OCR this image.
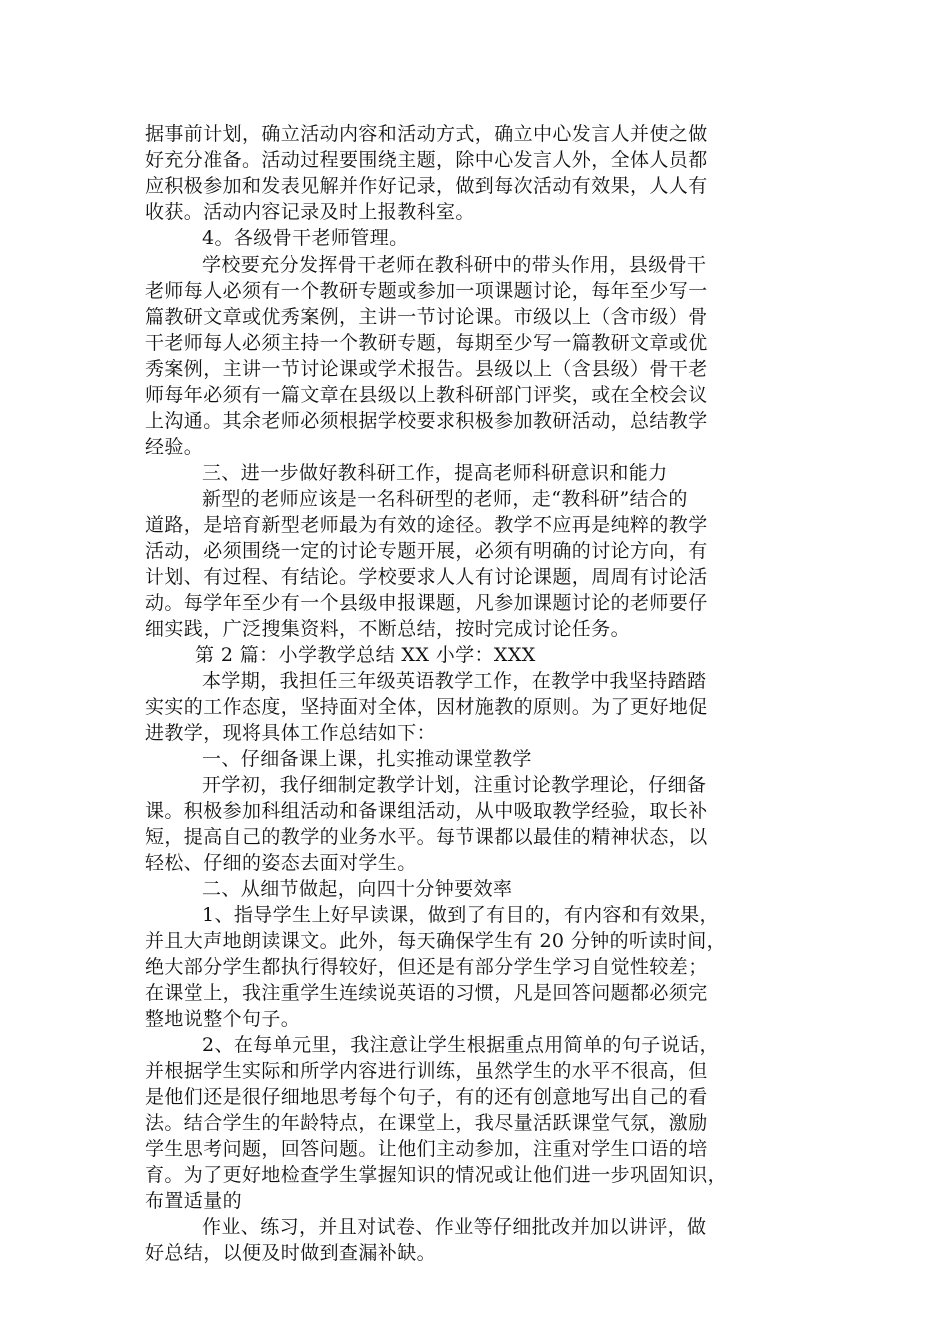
据事前计划，确立活动内容和活动方式，确立中心发言人并使之做
好充分准备。活动过程要围绕主题，除中心发言人外，全体人员都
应积极参加和发表见解并作好记录，做到每次活动有效果，人人有
收获。活动内容记录及时上报教科室。
4。各级骨干老师管理。
学校要充分发挥骨干老师在教科研中的带头作用，县级骨干
老师每人必须有一个教研专题或参加一项课题讨论，每年至少写一
篇教研文章或优秀案例，主讲一节讨论课。市级以上（含市级）骨
干老师每人必须主持一个教研专题，每期至少写一篇教研文章或优
秀案例，主讲一节讨论课或学术报告。县级以上（含县级）骨干老
师每年必须有一篇文章在县级以上教科研部门评奖，或在全校会议
上沟通。其余老师必须根据学校要求积极参加教研活动，总结教学
经验。
三、进一步做好教科研工作，提高老师科研意识和能力
新型的老师应该是一名科研型的老师，走“教科研”结合的
道路，是培育新型老师最为有效的途径。教学不应再是纯粹的教学
活动，必须围绕一定的讨论专题开展，必须有明确的讨论方向，有
计划、有过程、有结论。学校要求人人有讨论课题，周周有讨论活
动。每学年至少有一个县级申报课题，凡参加课题讨论的老师要仔
细实践，广泛搜集资料，不断总结，按时完成讨论任务。
第 2 篇：小学教学总结 XX 小学：XXX
本学期，我担任三年级英语教学工作，在教学中我坚持踏踏
实实的工作态度，坚持面对全体，因材施教的原则。为了更好地促
进教学，现将具体工作总结如下：
一、仔细备课上课，扎实推动课堂教学
开学初，我仔细制定教学计划，注重讨论教学理论，仔细备
课。积极参加科组活动和备课组活动，从中吸取教学经验，取长补
短，提高自己的教学的业务水平。每节课都以最佳的精神状态，以
轻松、仔细的姿态去面对学生。
二、从细节做起，向四十分钟要效率
1、指导学生上好早读课，做到了有目的，有内容和有效果，
并且大声地朗读课文。此外，每天确保学生有 20 分钟的听读时间，
绝大部分学生都执行得较好，但还是有部分学生学习自觉性较差；
在课堂上，我注重学生连续说英语的习惯，凡是回答问题都必须完
整地说整个句子。
2、在每单元里，我注意让学生根据重点用简单的句子说话，
并根据学生实际和所学内容进行训练，虽然学生的水平不很高，但
是他们还是很仔细地思考每个句子，有的还有创意地写出自己的看
法。结合学生的年龄特点，在课堂上，我尽量活跃课堂气氛，激励
学生思考问题，回答问题。让他们主动参加，注重对学生口语的培
育。为了更好地检查学生掌握知识的情况或让他们进一步巩固知识，
布置适量的
作业、练习，并且对试卷、作业等仔细批改并加以讲评，做
好总结，以便及时做到查漏补缺。
